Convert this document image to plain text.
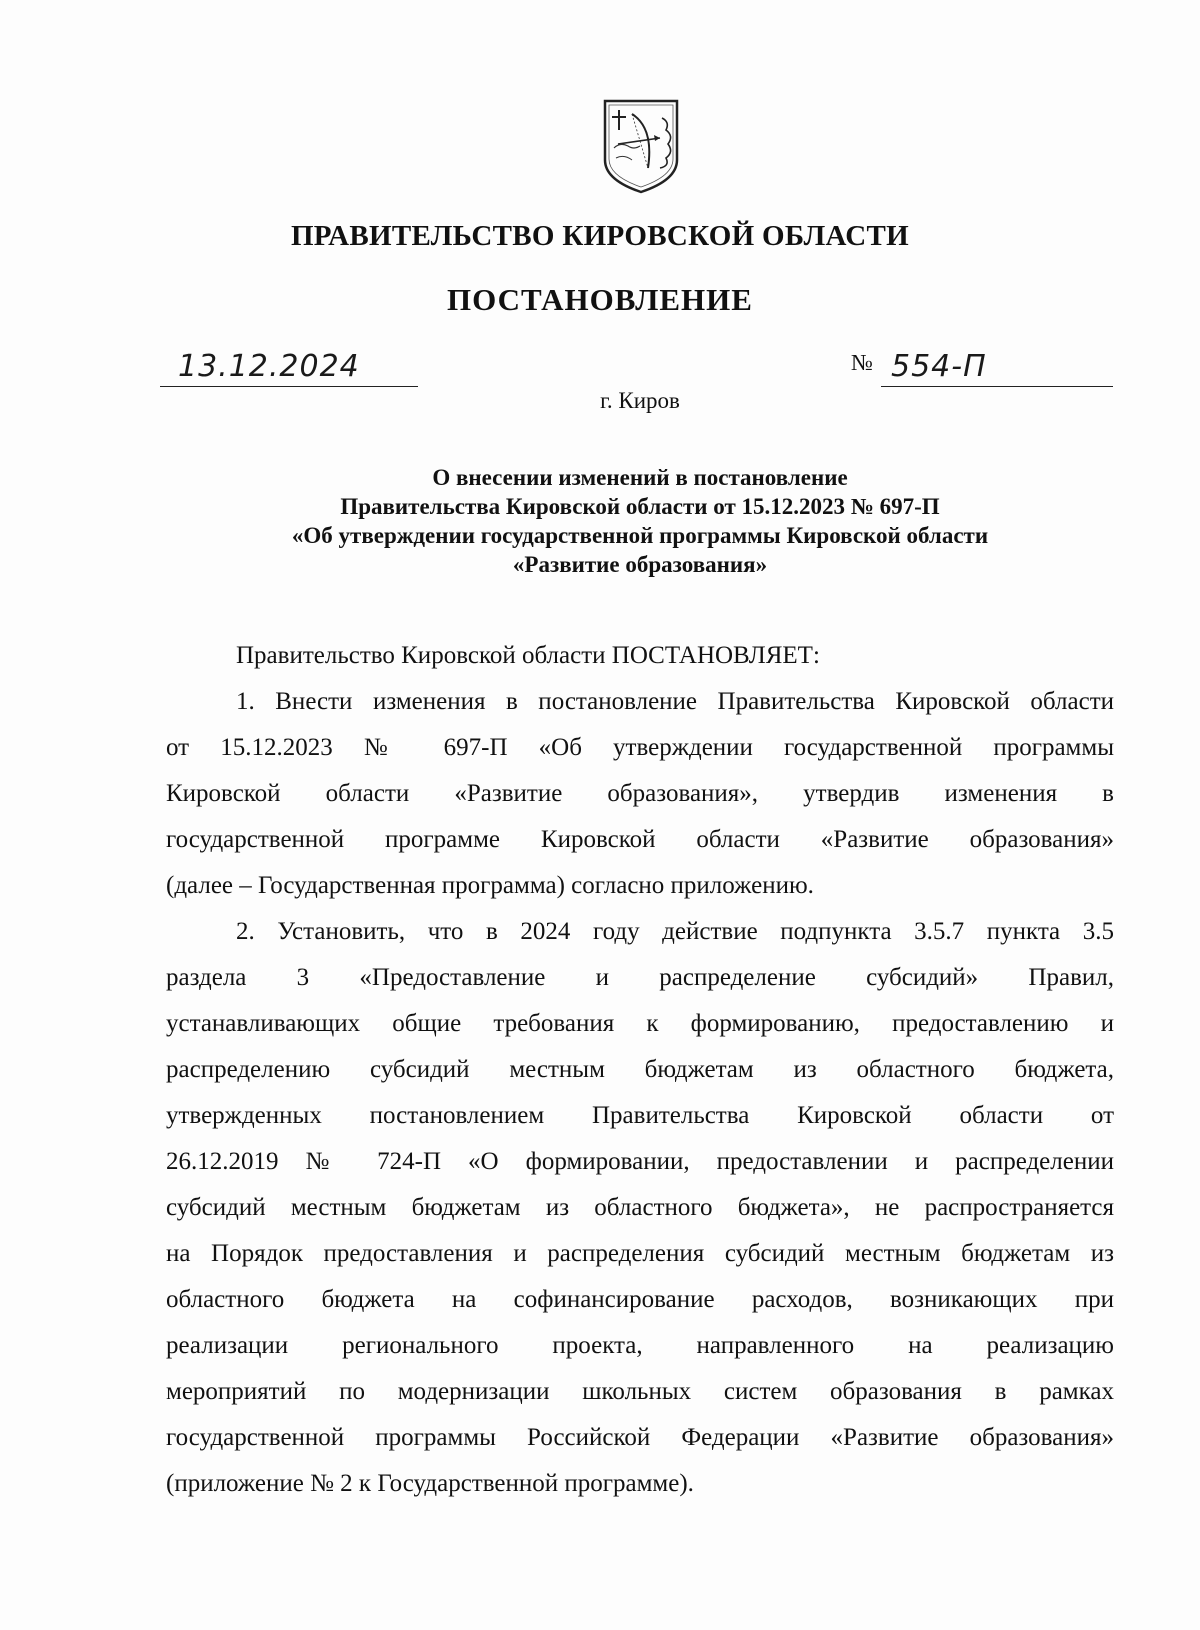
ПРАВИТЕЛЬСТВО КИРОВСКОЙ ОБЛАСТИ
ПОСТАНОВЛЕНИЕ
13.12.2024	№ 554-П
г. Киров
О внесении изменений в постановление
Правительства Кировской области от 15.12.2023 № 697-П
«Об утверждении государственной программы Кировской области
«Развитие образования»
Правительство Кировской области ПОСТАНОВЛЯЕТ:
1. Внести изменения в постановление Правительства Кировской области
от 15.12.2023 № 697-П «Об утверждении государственной программы
Кировской области «Развитие образования», утвердив изменения в
государственной программе Кировской области «Развитие образования»
(далее – Государственная программа) согласно приложению.
2. Установить, что в 2024 году действие подпункта 3.5.7 пункта 3.5
раздела 3 «Предоставление и распределение субсидий» Правил,
устанавливающих общие требования к формированию, предоставлению и
распределению субсидий местным бюджетам из областного бюджета,
утвержденных постановлением Правительства Кировской области от
26.12.2019 № 724-П «О формировании, предоставлении и распределении
субсидий местным бюджетам из областного бюджета», не распространяется
на Порядок предоставления и распределения субсидий местным бюджетам из
областного бюджета на софинансирование расходов, возникающих при
реализации регионального проекта, направленного на реализацию
мероприятий по модернизации школьных систем образования в рамках
государственной программы Российской Федерации «Развитие образования»
(приложение № 2 к Государственной программе).
